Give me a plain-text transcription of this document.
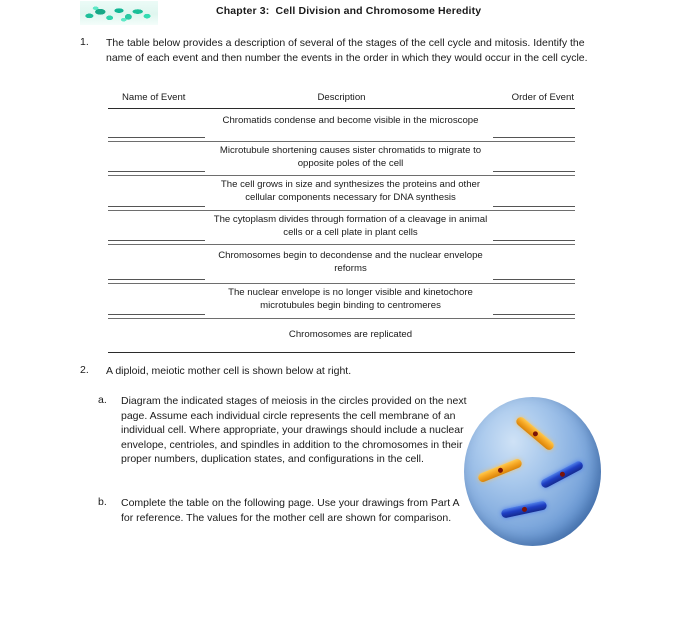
Chapter 3:  Cell Division and Chromosome Heredity
1.	The table below provides a description of several of the stages of the cell cycle and mitosis. Identify the name of each event and then number the events in the order in which they would occur in the cell cycle.
Name of Event	Description	Order of Event
Chromatids condense and become visible in the microscope
Microtubule shortening causes sister chromatids to migrate to opposite poles of the cell
The cell grows in size and synthesizes the proteins and other cellular components necessary for DNA synthesis
The cytoplasm divides through formation of a cleavage in animal cells or a cell plate in plant cells
Chromosomes begin to decondense and the nuclear envelope reforms
The nuclear envelope is no longer visible and kinetochore microtubules begin binding to centromeres
Chromosomes are replicated
2.	A diploid, meiotic mother cell is shown below at right.
a.	Diagram the indicated stages of meiosis in the circles provided on the next page. Assume each individual circle represents the cell membrane of an individual cell. Where appropriate, your drawings should include a nuclear envelope, centrioles, and spindles in addition to the chromosomes in their proper numbers, duplication states, and configurations in the cell.
b.	Complete the table on the following page. Use your drawings from Part A for reference. The values for the mother cell are shown for comparison.
